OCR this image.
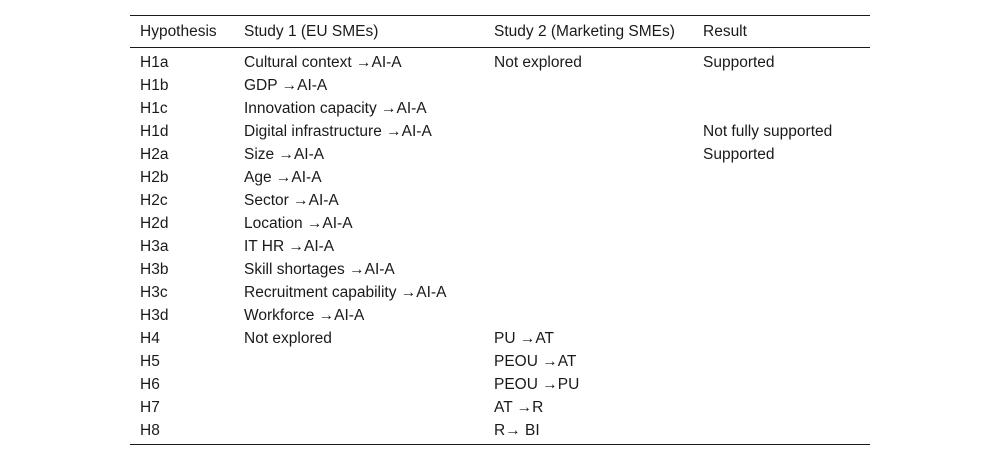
Hypothesis	Study 1 (EU SMEs)	Study 2 (Marketing SMEs)	Result
H1a	Cultural context →AI-A	Not explored	Supported
H1b	GDP →AI-A		
H1c	Innovation capacity →AI-A		
H1d	Digital infrastructure →AI-A		Not fully supported
H2a	Size →AI-A		Supported
H2b	Age →AI-A		
H2c	Sector →AI-A		
H2d	Location →AI-A		
H3a	IT HR →AI-A		
H3b	Skill shortages →AI-A		
H3c	Recruitment capability →AI-A		
H3d	Workforce →AI-A		
H4	Not explored	PU →AT	
H5		PEOU →AT	
H6		PEOU →PU	
H7		AT →R	
H8		R→ BI	
